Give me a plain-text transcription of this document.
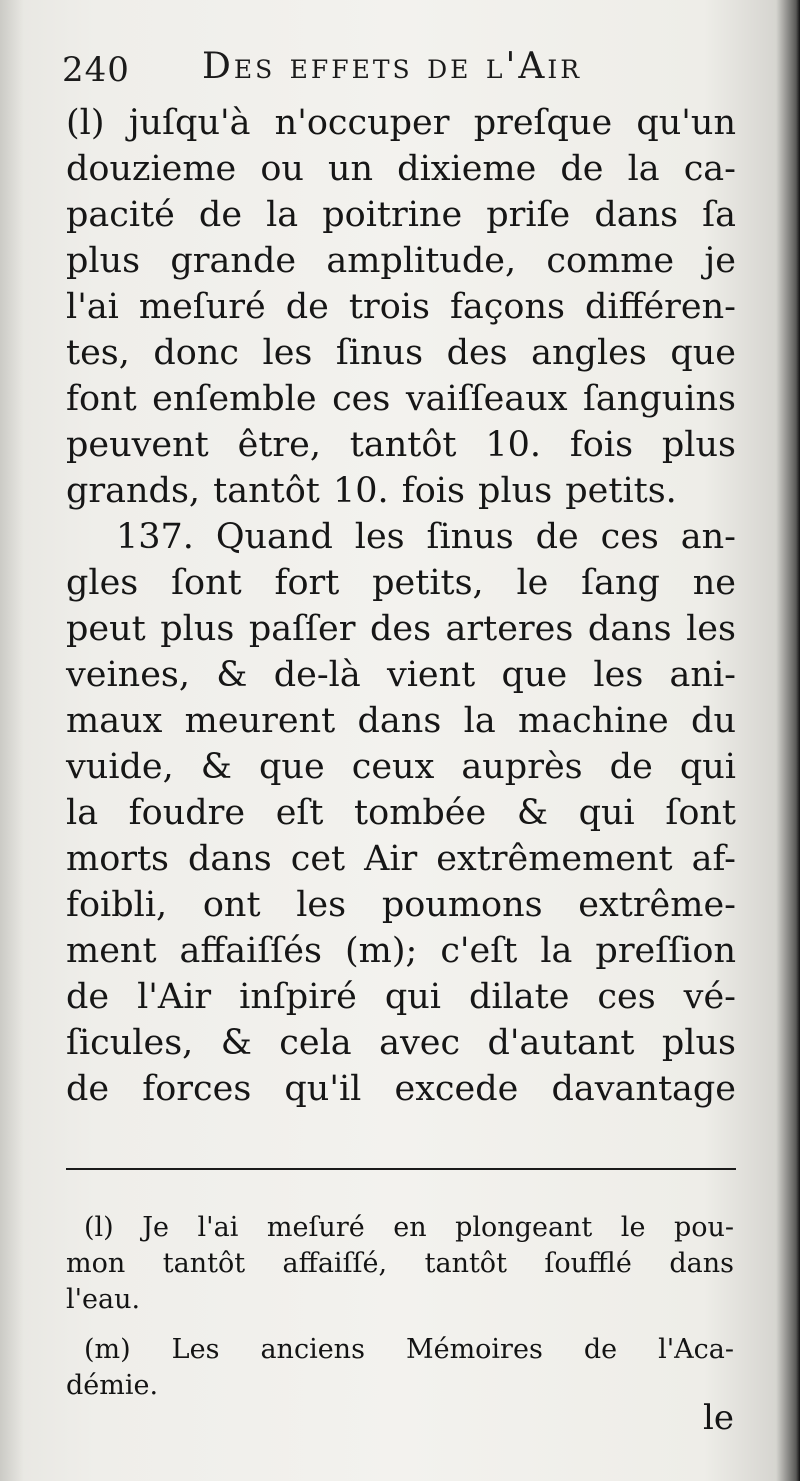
240 Des effets de l'Air
(l) juſqu'à n'occuper preſque qu'un
douzieme ou un dixieme de la ca-
pacité de la poitrine priſe dans ſa
plus grande amplitude, comme je
l'ai meſuré de trois façons différen-
tes, donc les ſinus des angles que
font enſemble ces vaiſſeaux ſanguins
peuvent être, tantôt 10. fois plus
grands, tantôt 10. fois plus petits.
137. Quand les ſinus de ces an-
gles ſont fort petits, le ſang ne
peut plus paſſer des arteres dans les
veines, & de-là vient que les ani-
maux meurent dans la machine du
vuide, & que ceux auprès de qui
la foudre eſt tombée & qui ſont
morts dans cet Air extrêmement af-
foibli, ont les poumons extrême-
ment affaiſſés (m); c'eſt la preſſion
de l'Air inſpiré qui dilate ces vé-
ſicules, & cela avec d'autant plus
de forces qu'il excede davantage
(l) Je l'ai meſuré en plongeant le pou-
mon tantôt affaiſſé, tantôt ſoufflé dans
l'eau.
(m) Les anciens Mémoires de l'Aca-
démie.
le
